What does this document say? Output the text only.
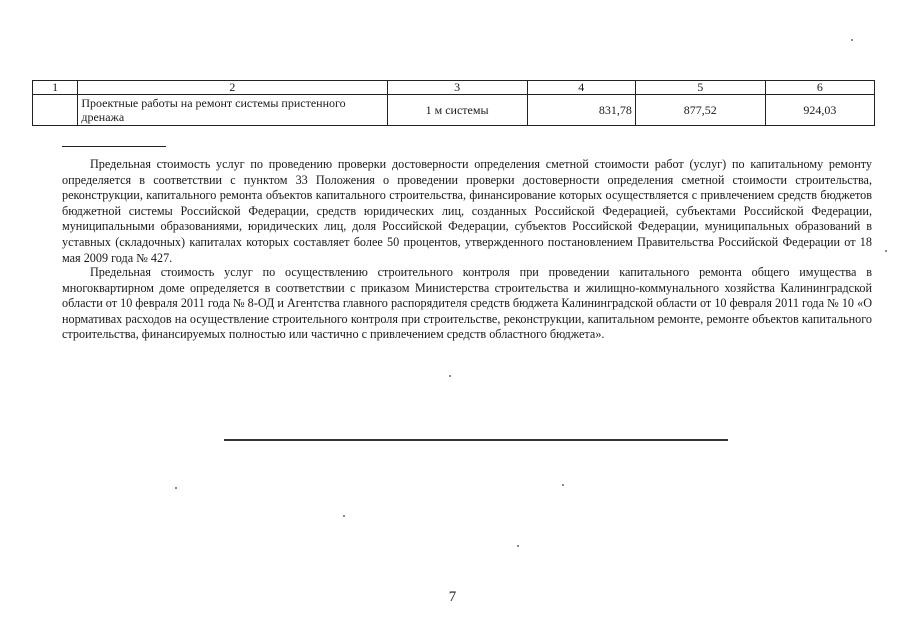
1	2	3	4	5	6
	Проектные работы на ремонт системы пристенного дренажа	1 м системы	831,78	877,52	924,03

Предельная стоимость услуг по проведению проверки достоверности определения сметной стоимости работ (услуг) по капитальному ремонту определяется в соответствии с пунктом 33 Положения о проведении проверки достоверности определения сметной стоимости строительства, реконструкции, капитального ремонта объектов капитального строительства, финансирование которых осуществляется с привлечением средств бюджетов бюджетной системы Российской Федерации, средств юридических лиц, созданных Российской Федерацией, субъектами Российской Федерации, муниципальными образованиями, юридических лиц, доля Российской Федерации, субъектов Российской Федерации, муниципальных образований в уставных (складочных) капиталах которых составляет более 50 процентов, утвержденного постановлением Правительства Российской Федерации от 18 мая 2009 года № 427.

Предельная стоимость услуг по осуществлению строительного контроля при проведении капитального ремонта общего имущества в многоквартирном доме определяется в соответствии с приказом Министерства строительства и жилищно-коммунального хозяйства Калининградской области от 10 февраля 2011 года № 8-ОД и Агентства главного распорядителя средств бюджета Калининградской области от 10 февраля 2011 года № 10 «О нормативах расходов на осуществление строительного контроля при строительстве, реконструкции, капитальном ремонте, ремонте объектов капитального строительства, финансируемых полностью или частично с привлечением средств областного бюджета».

7
